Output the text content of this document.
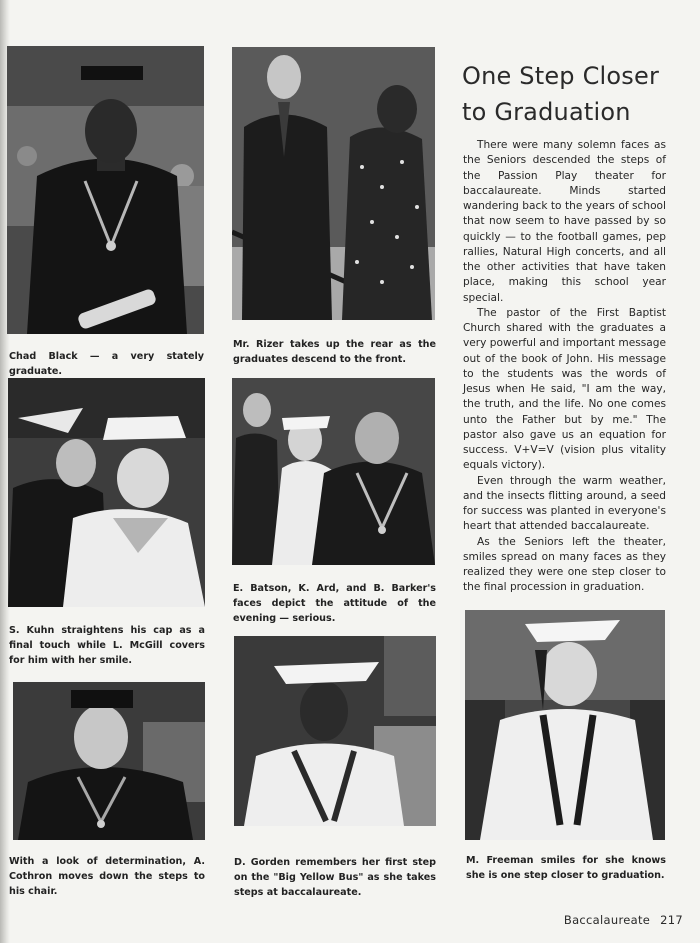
Chad Black — a very stately graduate.
Mr. Rizer takes up the rear as the graduates descend to the front.
S. Kuhn straightens his cap as a final touch while L. McGill covers for him with her smile.
E. Batson, K. Ard, and B. Barker's faces depict the attitude of the evening — serious.
With a look of determination, A. Cothron moves down the steps to his chair.
D. Gorden remembers her first step on the "Big Yellow Bus" as she takes steps at baccalaureate.
M. Freeman smiles for she knows she is one step closer to graduation.
One Step Closer
to Graduation

There were many solemn faces as the Seniors descended the steps of the Passion Play theater for baccalaureate. Minds started wandering back to the years of school that now seem to have passed by so quickly — to the football games, pep rallies, Natural High concerts, and all the other activities that have taken place, making this school year special.

The pastor of the First Baptist Church shared with the graduates a very powerful and important message out of the book of John. His message to the students was the words of Jesus when He said, "I am the way, the truth, and the life. No one comes unto the Father but by me." The pastor also gave us an equation for success. V+V=V (vision plus vitality equals victory).

Even through the warm weather, and the insects flitting around, a seed for success was planted in everyone's heart that attended baccalaureate.

As the Seniors left the theater, smiles spread on many faces as they realized they were one step closer to the final procession in graduation.

Baccalaureate 217
